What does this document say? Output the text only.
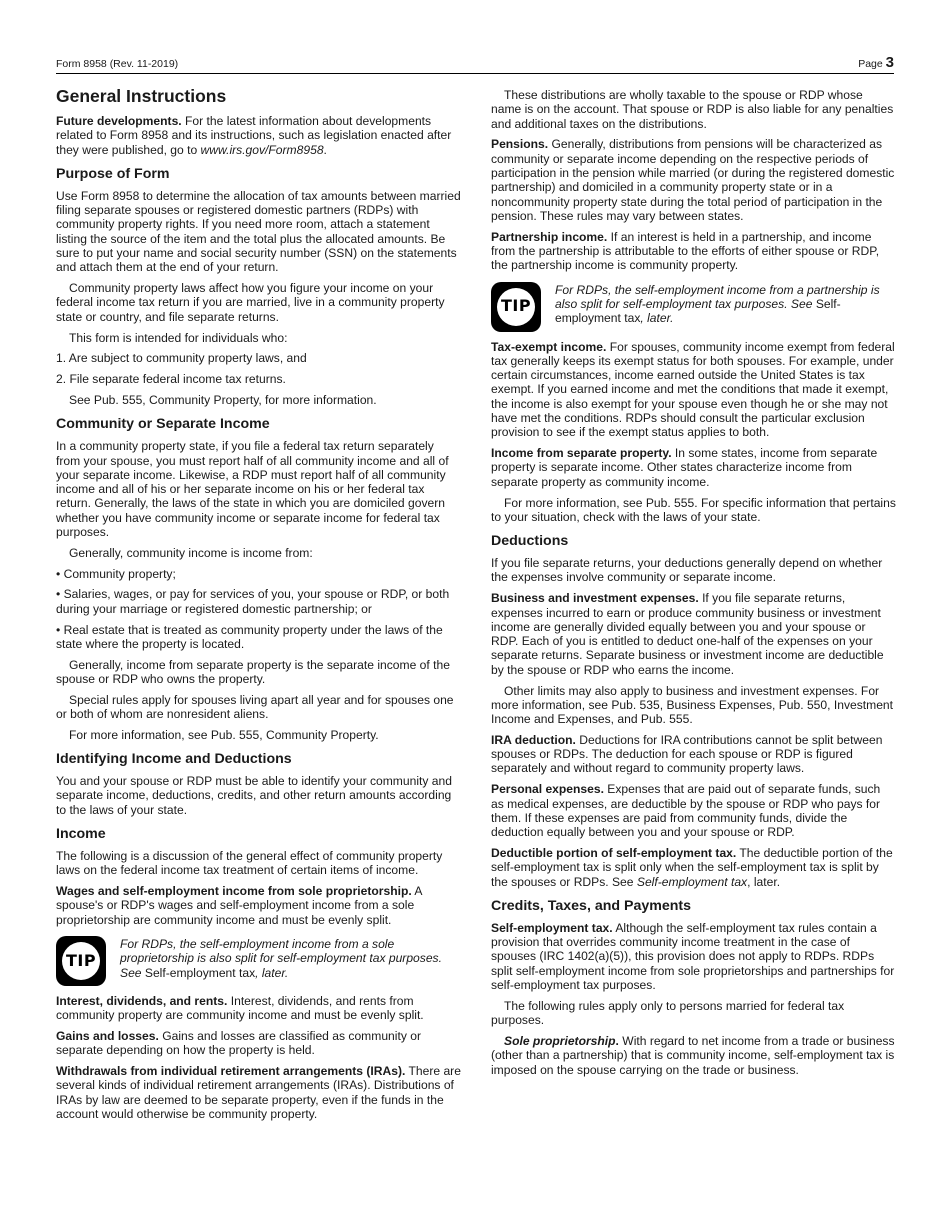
Form 8958 (Rev. 11-2019)	Page 3
General Instructions

Future developments. For the latest information about developments related to Form 8958 and its instructions, such as legislation enacted after they were published, go to www.irs.gov/Form8958.

Purpose of Form

Use Form 8958 to determine the allocation of tax amounts between married filing separate spouses or registered domestic partners (RDPs) with community property rights. If you need more room, attach a statement listing the source of the item and the total plus the allocated amounts. Be sure to put your name and social security number (SSN) on the statements and attach them at the end of your return.

Community property laws affect how you figure your income on your federal income tax return if you are married, live in a community property state or country, and file separate returns.

This form is intended for individuals who:

1. Are subject to community property laws, and

2. File separate federal income tax returns.

See Pub. 555, Community Property, for more information.

Community or Separate Income

In a community property state, if you file a federal tax return separately from your spouse, you must report half of all community income and all of your separate income. Likewise, a RDP must report half of all community income and all of his or her separate income on his or her federal tax return. Generally, the laws of the state in which you are domiciled govern whether you have community income or separate income for federal tax purposes.

Generally, community income is income from:

• Community property;

• Salaries, wages, or pay for services of you, your spouse or RDP, or both during your marriage or registered domestic partnership; or

• Real estate that is treated as community property under the laws of the state where the property is located.

Generally, income from separate property is the separate income of the spouse or RDP who owns the property.

Special rules apply for spouses living apart all year and for spouses one or both of whom are nonresident aliens.

For more information, see Pub. 555, Community Property.

Identifying Income and Deductions

You and your spouse or RDP must be able to identify your community and separate income, deductions, credits, and other return amounts according to the laws of your state.

Income

The following is a discussion of the general effect of community property laws on the federal income tax treatment of certain items of income.

Wages and self-employment income from sole proprietorship. A spouse's or RDP's wages and self-employment income from a sole proprietorship are community income and must be evenly split.

TIP
For RDPs, the self-employment income from a sole proprietorship is also split for self-employment tax purposes. See Self-employment tax, later.

Interest, dividends, and rents. Interest, dividends, and rents from community property are community income and must be evenly split.

Gains and losses. Gains and losses are classified as community or separate depending on how the property is held.

Withdrawals from individual retirement arrangements (IRAs). There are several kinds of individual retirement arrangements (IRAs). Distributions of IRAs by law are deemed to be separate property, even if the funds in the account would otherwise be community property.

These distributions are wholly taxable to the spouse or RDP whose name is on the account. That spouse or RDP is also liable for any penalties and additional taxes on the distributions.

Pensions. Generally, distributions from pensions will be characterized as community or separate income depending on the respective periods of participation in the pension while married (or during the registered domestic partnership) and domiciled in a community property state or in a noncommunity property state during the total period of participation in the pension. These rules may vary between states.

Partnership income. If an interest is held in a partnership, and income from the partnership is attributable to the efforts of either spouse or RDP, the partnership income is community property.

TIP
For RDPs, the self-employment income from a partnership is also split for self-employment tax purposes. See Self-employment tax, later.

Tax-exempt income. For spouses, community income exempt from federal tax generally keeps its exempt status for both spouses. For example, under certain circumstances, income earned outside the United States is tax exempt. If you earned income and met the conditions that made it exempt, the income is also exempt for your spouse even though he or she may not have met the conditions. RDPs should consult the particular exclusion provision to see if the exempt status applies to both.

Income from separate property. In some states, income from separate property is separate income. Other states characterize income from separate property as community income.

For more information, see Pub. 555. For specific information that pertains to your situation, check with the laws of your state.

Deductions

If you file separate returns, your deductions generally depend on whether the expenses involve community or separate income.

Business and investment expenses. If you file separate returns, expenses incurred to earn or produce community business or investment income are generally divided equally between you and your spouse or RDP. Each of you is entitled to deduct one-half of the expenses on your separate returns. Separate business or investment income are deductible by the spouse or RDP who earns the income.

Other limits may also apply to business and investment expenses. For more information, see Pub. 535, Business Expenses, Pub. 550, Investment Income and Expenses, and Pub. 555.

IRA deduction. Deductions for IRA contributions cannot be split between spouses or RDPs. The deduction for each spouse or RDP is figured separately and without regard to community property laws.

Personal expenses. Expenses that are paid out of separate funds, such as medical expenses, are deductible by the spouse or RDP who pays for them. If these expenses are paid from community funds, divide the deduction equally between you and your spouse or RDP.

Deductible portion of self-employment tax. The deductible portion of the self-employment tax is split only when the self-employment tax is split by the spouses or RDPs. See Self-employment tax, later.

Credits, Taxes, and Payments

Self-employment tax. Although the self-employment tax rules contain a provision that overrides community income treatment in the case of spouses (IRC 1402(a)(5)), this provision does not apply to RDPs. RDPs split self-employment income from sole proprietorships and partnerships for self-employment tax purposes.

The following rules apply only to persons married for federal tax purposes.

Sole proprietorship. With regard to net income from a trade or business (other than a partnership) that is community income, self-employment tax is imposed on the spouse carrying on the trade or business.
